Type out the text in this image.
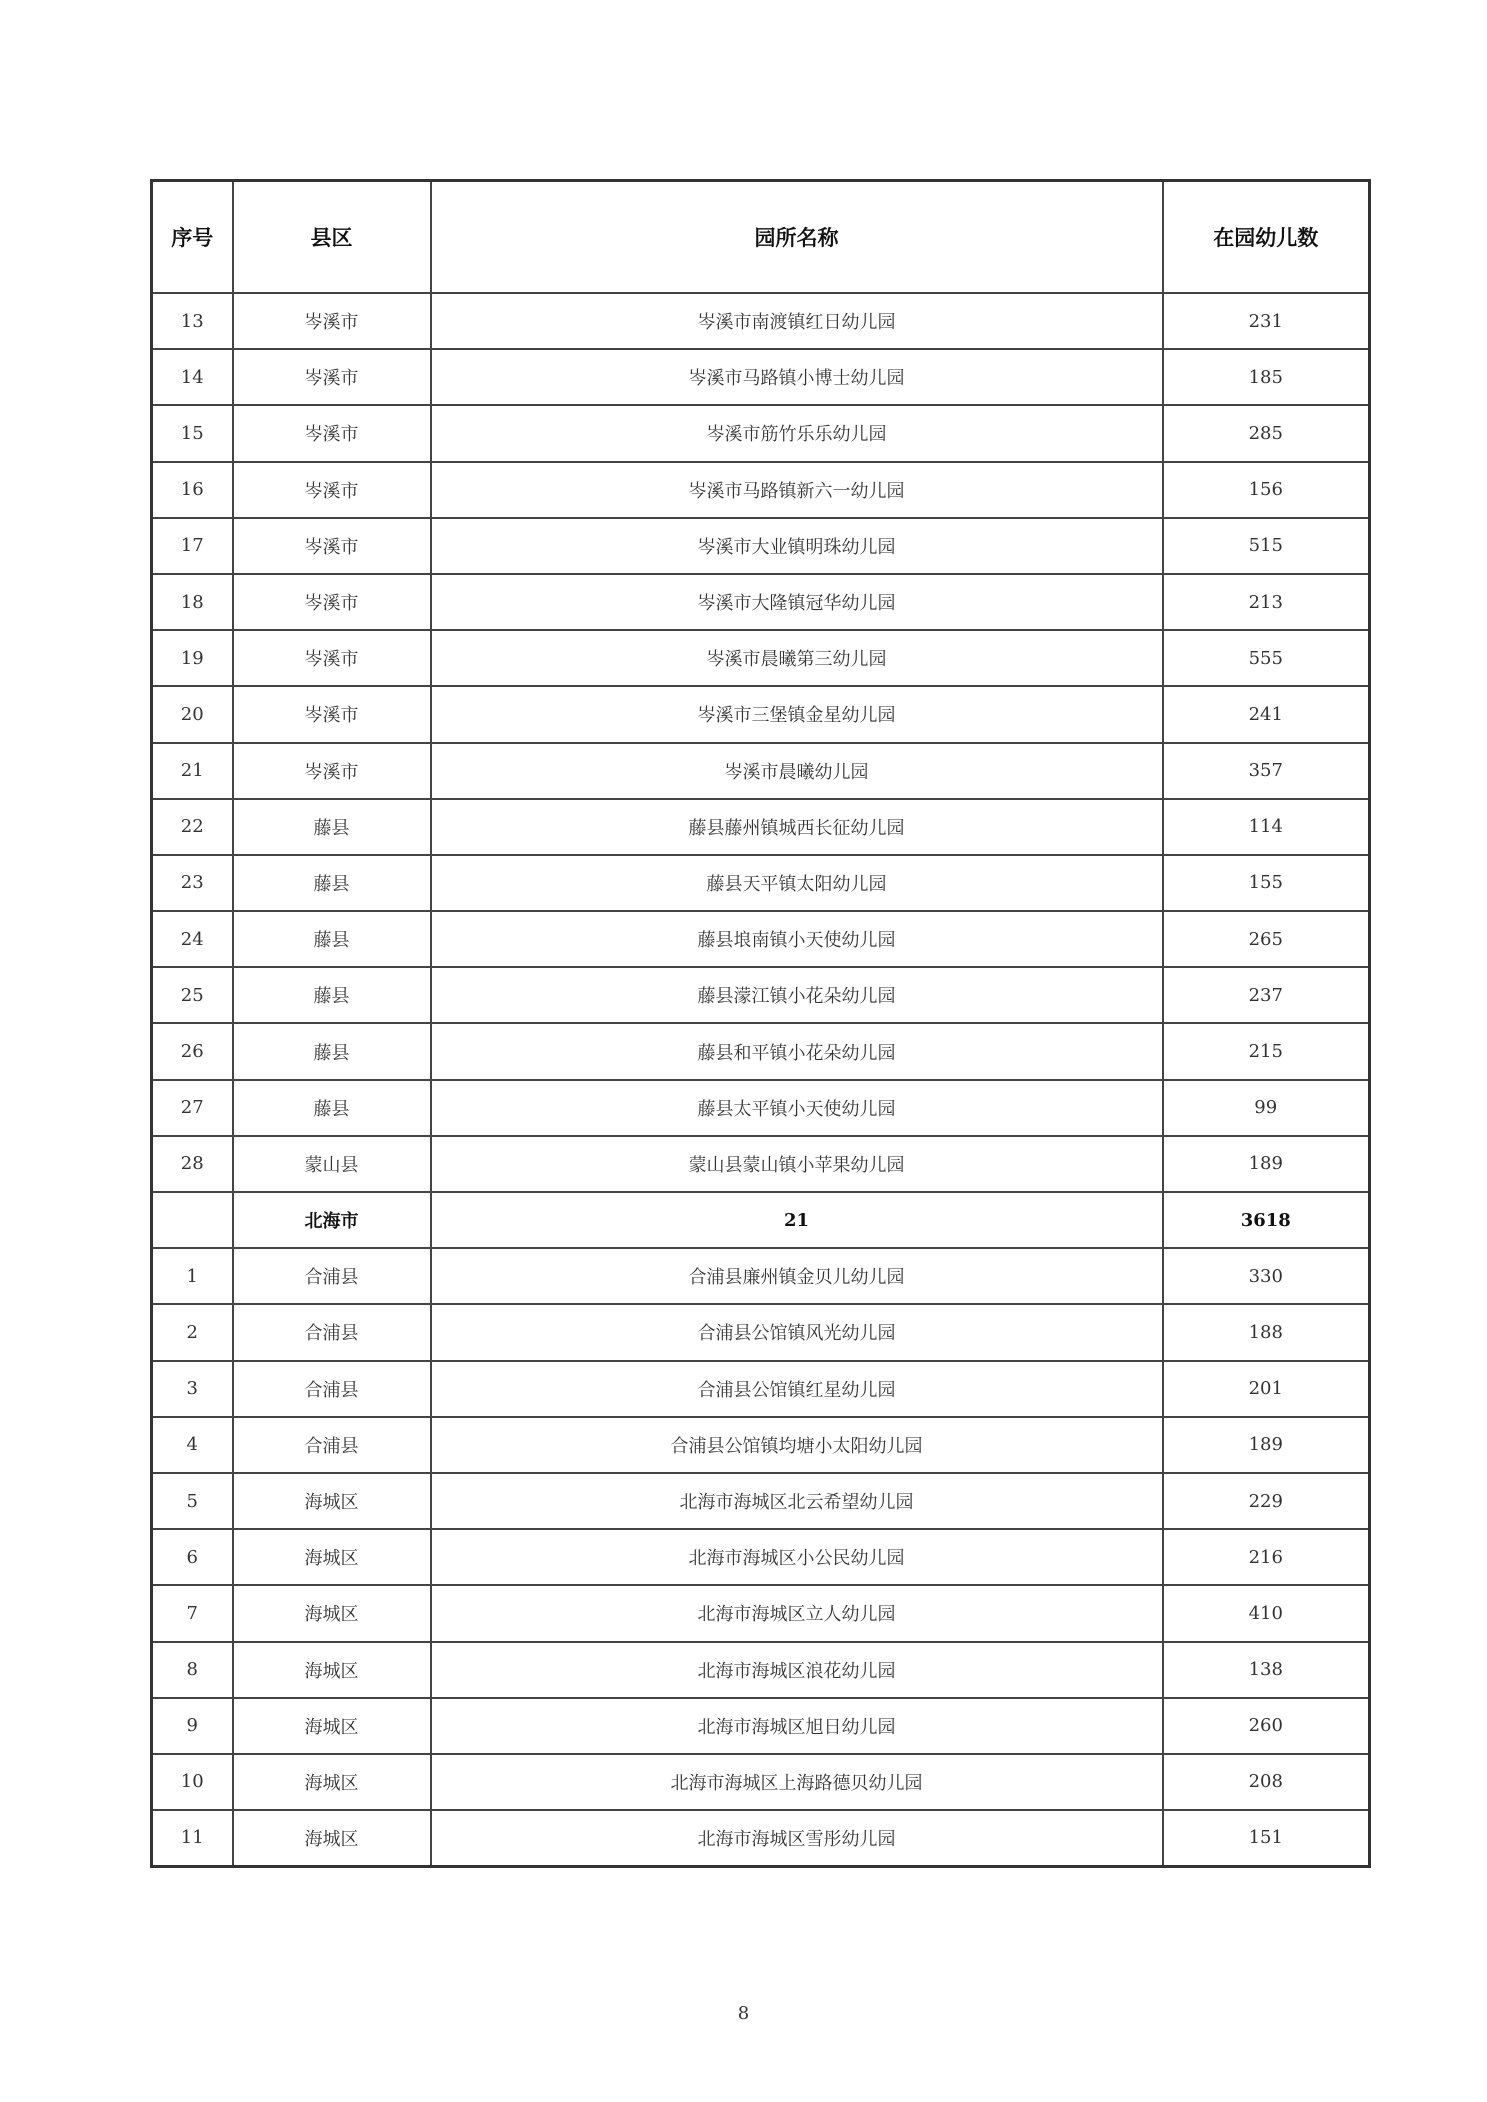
序号	县区	园所名称	在园幼儿数
13	岑溪市	岑溪市南渡镇红日幼儿园	231
14	岑溪市	岑溪市马路镇小博士幼儿园	185
15	岑溪市	岑溪市筋竹乐乐幼儿园	285
16	岑溪市	岑溪市马路镇新六一幼儿园	156
17	岑溪市	岑溪市大业镇明珠幼儿园	515
18	岑溪市	岑溪市大隆镇冠华幼儿园	213
19	岑溪市	岑溪市晨曦第三幼儿园	555
20	岑溪市	岑溪市三堡镇金星幼儿园	241
21	岑溪市	岑溪市晨曦幼儿园	357
22	藤县	藤县藤州镇城西长征幼儿园	114
23	藤县	藤县天平镇太阳幼儿园	155
24	藤县	藤县埌南镇小天使幼儿园	265
25	藤县	藤县濛江镇小花朵幼儿园	237
26	藤县	藤县和平镇小花朵幼儿园	215
27	藤县	藤县太平镇小天使幼儿园	99
28	蒙山县	蒙山县蒙山镇小苹果幼儿园	189
	北海市	21	3618
1	合浦县	合浦县廉州镇金贝儿幼儿园	330
2	合浦县	合浦县公馆镇风光幼儿园	188
3	合浦县	合浦县公馆镇红星幼儿园	201
4	合浦县	合浦县公馆镇均塘小太阳幼儿园	189
5	海城区	北海市海城区北云希望幼儿园	229
6	海城区	北海市海城区小公民幼儿园	216
7	海城区	北海市海城区立人幼儿园	410
8	海城区	北海市海城区浪花幼儿园	138
9	海城区	北海市海城区旭日幼儿园	260
10	海城区	北海市海城区上海路德贝幼儿园	208
11	海城区	北海市海城区雪彤幼儿园	151
8
